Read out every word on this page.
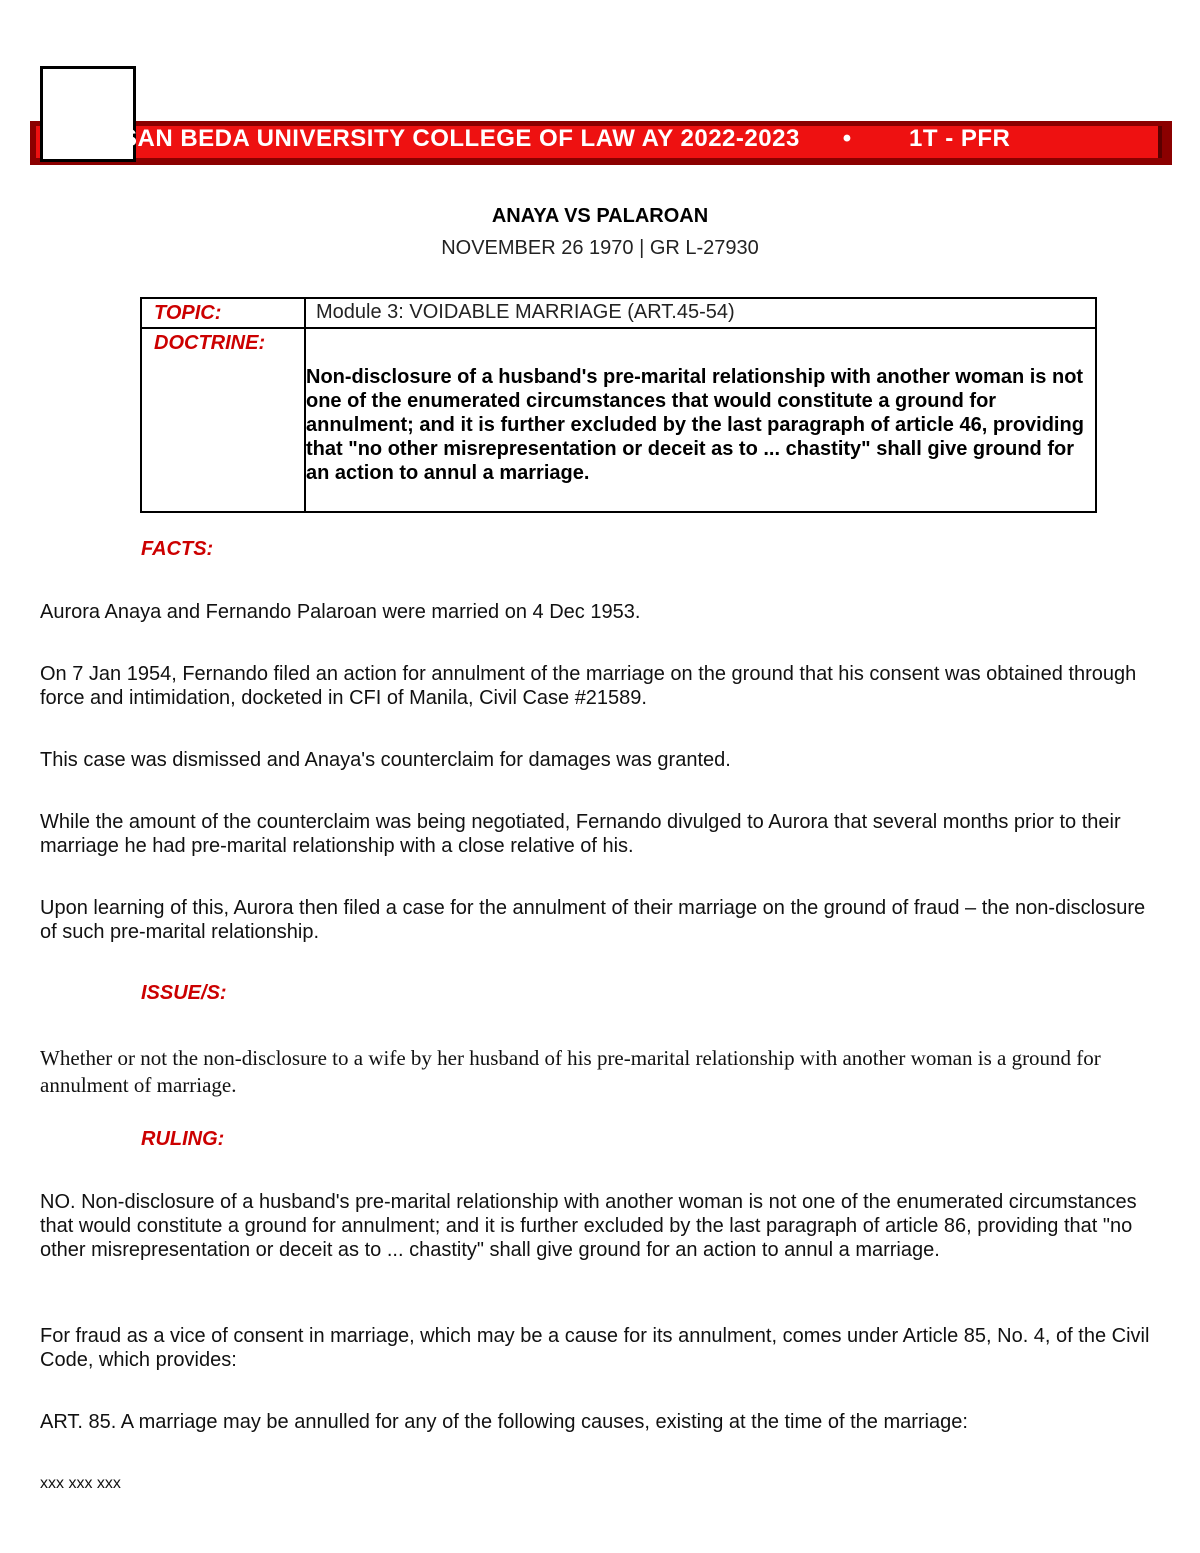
SAN BEDA UNIVERSITY COLLEGE OF LAW AY 2022-2023      •        1T - PFR
ANAYA VS PALAROAN
NOVEMBER 26 1970 | GR L-27930
TOPIC:	Module 3: VOIDABLE MARRIAGE (ART.45-54)
DOCTRINE:	Non-disclosure of a husband's pre-marital relationship with another woman is not one of the enumerated circumstances that would constitute a ground for annulment; and it is further excluded by the last paragraph of article 46, providing that "no other misrepresentation or deceit as to ... chastity" shall give ground for an action to annul a marriage.
FACTS:
Aurora Anaya and Fernando Palaroan were married on 4 Dec 1953.
On 7 Jan 1954, Fernando filed an action for annulment of the marriage on the ground that his consent was obtained through force and intimidation, docketed in CFI of Manila, Civil Case #21589.
This case was dismissed and Anaya's counterclaim for damages was granted.
While the amount of the counterclaim was being negotiated, Fernando divulged to Aurora that several months prior to their marriage he had pre-marital relationship with a close relative of his.
Upon learning of this, Aurora then filed a case for the annulment of their marriage on the ground of fraud – the non-disclosure of such pre-marital relationship.
ISSUE/S:
Whether or not the non-disclosure to a wife by her husband of his pre-marital relationship with another woman is a ground for annulment of marriage.
RULING:
NO. Non-disclosure of a husband's pre-marital relationship with another woman is not one of the enumerated circumstances that would constitute a ground for annulment; and it is further excluded by the last paragraph of article 86, providing that "no other misrepresentation or deceit as to ... chastity" shall give ground for an action to annul a marriage.
For fraud as a vice of consent in marriage, which may be a cause for its annulment, comes under Article 85, No. 4, of the Civil Code, which provides:
ART. 85. A marriage may be annulled for any of the following causes, existing at the time of the marriage:
xxx xxx xxx
